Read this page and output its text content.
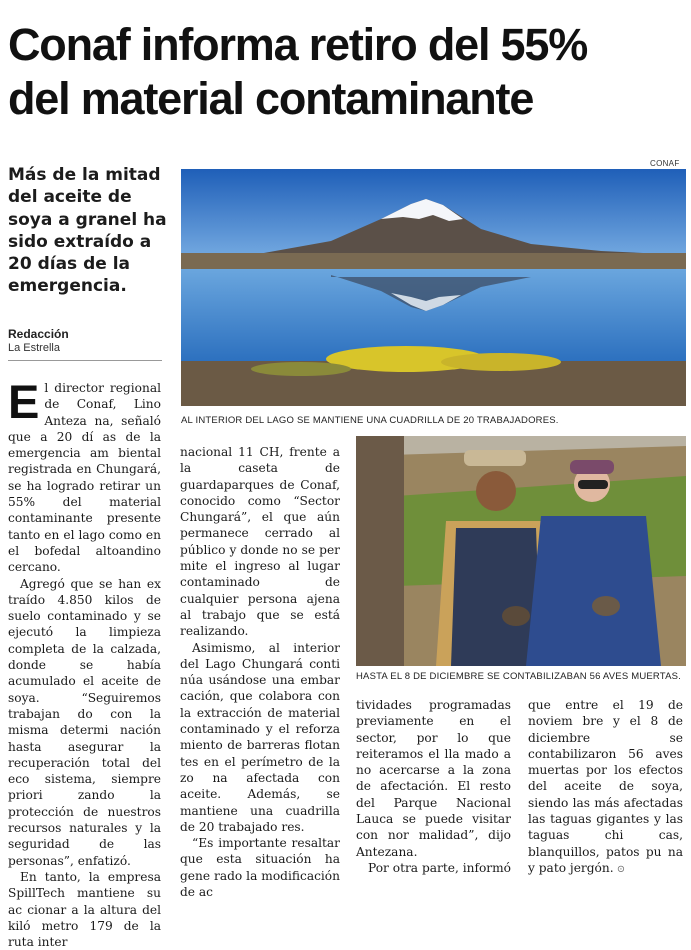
Conaf informa retiro del 55%
del material contaminante
Más de la mitad del aceite de soya a granel ha sido extraído a 20 días de la emergencia.
Redacción
La Estrella
CONAF
AL INTERIOR DEL LAGO SE MANTIENE UNA CUADRILLA DE 20 TRABAJADORES.
HASTA EL 8 DE DICIEMBRE SE CONTABILIZABAN 56 AVES MUERTAS.

El director regional de Conaf, Lino Anteza na, señaló que a 20 dí as de la emergencia am biental registrada en Chungará, se ha logrado retirar un 55% del material contaminante presente tanto en el lago como en el bofedal altoandino cercano.

Agregó que se han ex traído 4.850 kilos de suelo contaminado y se ejecutó la limpieza completa de la calzada, donde se había acumulado el aceite de soya. “Seguiremos trabajan do con la misma determi nación hasta asegurar la recuperación total del eco sistema, siempre priori zando la protección de nuestros recursos naturales y la seguridad de las personas”, enfatizó.

En tanto, la empresa SpillTech mantiene su ac cionar a la altura del kiló metro 179 de la ruta inter

nacional 11 CH, frente a la caseta de guardaparques de Conaf, conocido como “Sector Chungará”, el que aún permanece cerrado al público y donde no se per mite el ingreso al lugar contaminado de cualquier persona ajena al trabajo que se está realizando.

Asimismo, al interior del Lago Chungará conti núa usándose una embar cación, que colabora con la extracción de material contaminado y el reforza miento de barreras flotan tes en el perímetro de la zo na afectada con aceite. Además, se mantiene una cuadrilla de 20 trabajado res.

“Es importante resaltar que esta situación ha gene rado la modificación de ac

tividades programadas previamente en el sector, por lo que reiteramos el lla mado a no acercarse a la zona de afectación. El resto del Parque Nacional Lauca se puede visitar con nor malidad”, dijo Antezana.

Por otra parte, informó

que entre el 19 de noviem bre y el 8 de diciembre se contabilizaron 56 aves muertas por los efectos del aceite de soya, siendo las más afectadas las taguas gigantes y las taguas chi cas, blanquillos, patos pu na y pato jergón. ⊙
